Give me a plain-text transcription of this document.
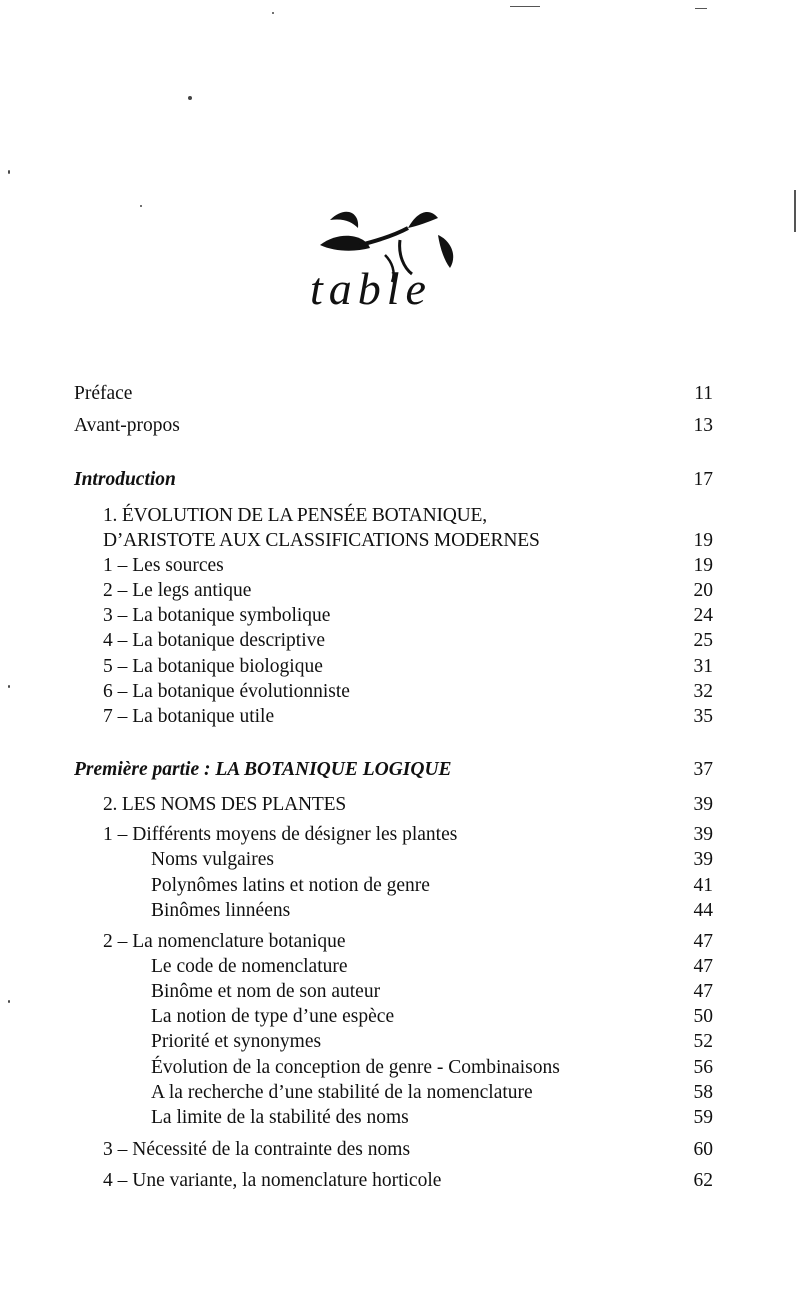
table
Préface	11
Avant-propos	13
Introduction	17
1. ÉVOLUTION DE LA PENSÉE BOTANIQUE,
D’ARISTOTE AUX CLASSIFICATIONS MODERNES	19
1 – Les sources	19
2 – Le legs antique	20
3 – La botanique symbolique	24
4 – La botanique descriptive	25
5 – La botanique biologique	31
6 – La botanique évolutionniste	32
7 – La botanique utile	35
Première partie : LA BOTANIQUE LOGIQUE	37
2. LES NOMS DES PLANTES	39
1 – Différents moyens de désigner les plantes	39
Noms vulgaires	39
Polynômes latins et notion de genre	41
Binômes linnéens	44
2 – La nomenclature botanique	47
Le code de nomenclature	47
Binôme et nom de son auteur	47
La notion de type d’une espèce	50
Priorité et synonymes	52
Évolution de la conception de genre - Combinaisons	56
A la recherche d’une stabilité de la nomenclature	58
La limite de la stabilité des noms	59
3 – Nécessité de la contrainte des noms	60
4 – Une variante, la nomenclature horticole	62
